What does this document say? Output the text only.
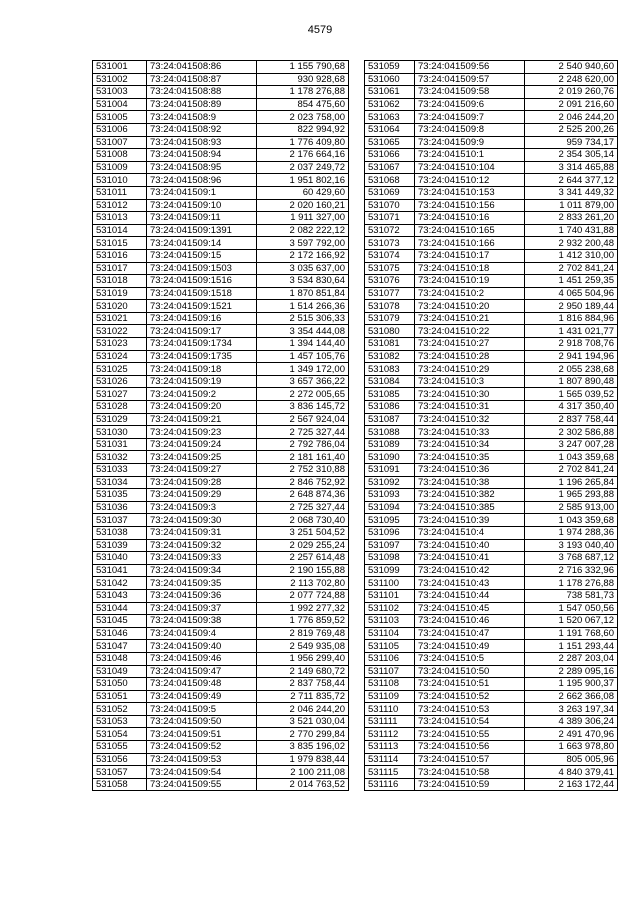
4579
531001	73:24:041508:86	1 155 790,68
531002	73:24:041508:87	930 928,68
531003	73:24:041508:88	1 178 276,88
531004	73:24:041508:89	854 475,60
531005	73:24:041508:9	2 023 758,00
531006	73:24:041508:92	822 994,92
531007	73:24:041508:93	1 776 409,80
531008	73:24:041508:94	2 176 664,16
531009	73:24:041508:95	2 037 249,72
531010	73:24:041508:96	1 951 802,16
531011	73:24:041509:1	60 429,60
531012	73:24:041509:10	2 020 160,21
531013	73:24:041509:11	1 911 327,00
531014	73:24:041509:1391	2 082 222,12
531015	73:24:041509:14	3 597 792,00
531016	73:24:041509:15	2 172 166,92
531017	73:24:041509:1503	3 035 637,00
531018	73:24:041509:1516	3 534 830,64
531019	73:24:041509:1518	1 870 851,84
531020	73:24:041509:1521	1 514 266,36
531021	73:24:041509:16	2 515 306,33
531022	73:24:041509:17	3 354 444,08
531023	73:24:041509:1734	1 394 144,40
531024	73:24:041509:1735	1 457 105,76
531025	73:24:041509:18	1 349 172,00
531026	73:24:041509:19	3 657 366,22
531027	73:24:041509:2	2 272 005,65
531028	73:24:041509:20	3 836 145,72
531029	73:24:041509:21	2 567 924,04
531030	73:24:041509:23	2 725 327,44
531031	73:24:041509:24	2 792 786,04
531032	73:24:041509:25	2 181 161,40
531033	73:24:041509:27	2 752 310,88
531034	73:24:041509:28	2 846 752,92
531035	73:24:041509:29	2 648 874,36
531036	73:24:041509:3	2 725 327,44
531037	73:24:041509:30	2 068 730,40
531038	73:24:041509:31	3 251 504,52
531039	73:24:041509:32	2 029 255,24
531040	73:24:041509:33	2 257 614,48
531041	73:24:041509:34	2 190 155,88
531042	73:24:041509:35	2 113 702,80
531043	73:24:041509:36	2 077 724,88
531044	73:24:041509:37	1 992 277,32
531045	73:24:041509:38	1 776 859,52
531046	73:24:041509:4	2 819 769,48
531047	73:24:041509:40	2 549 935,08
531048	73:24:041509:46	1 956 299,40
531049	73:24:041509:47	2 149 680,72
531050	73:24:041509:48	2 837 758,44
531051	73:24:041509:49	2 711 835,72
531052	73:24:041509:5	2 046 244,20
531053	73:24:041509:50	3 521 030,04
531054	73:24:041509:51	2 770 299,84
531055	73:24:041509:52	3 835 196,02
531056	73:24:041509:53	1 979 838,44
531057	73:24:041509:54	2 100 211,08
531058	73:24:041509:55	2 014 763,52
531059	73:24:041509:56	2 540 940,60
531060	73:24:041509:57	2 248 620,00
531061	73:24:041509:58	2 019 260,76
531062	73:24:041509:6	2 091 216,60
531063	73:24:041509:7	2 046 244,20
531064	73:24:041509:8	2 525 200,26
531065	73:24:041509:9	959 734,17
531066	73:24:041510:1	2 354 305,14
531067	73:24:041510:104	3 314 465,88
531068	73:24:041510:12	2 644 377,12
531069	73:24:041510:153	3 341 449,32
531070	73:24:041510:156	1 011 879,00
531071	73:24:041510:16	2 833 261,20
531072	73:24:041510:165	1 740 431,88
531073	73:24:041510:166	2 932 200,48
531074	73:24:041510:17	1 412 310,00
531075	73:24:041510:18	2 702 841,24
531076	73:24:041510:19	1 451 259,35
531077	73:24:041510:2	4 065 504,96
531078	73:24:041510:20	2 950 189,44
531079	73:24:041510:21	1 816 884,96
531080	73:24:041510:22	1 431 021,77
531081	73:24:041510:27	2 918 708,76
531082	73:24:041510:28	2 941 194,96
531083	73:24:041510:29	2 055 238,68
531084	73:24:041510:3	1 807 890,48
531085	73:24:041510:30	1 565 039,52
531086	73:24:041510:31	4 317 350,40
531087	73:24:041510:32	2 837 758,44
531088	73:24:041510:33	2 302 586,88
531089	73:24:041510:34	3 247 007,28
531090	73:24:041510:35	1 043 359,68
531091	73:24:041510:36	2 702 841,24
531092	73:24:041510:38	1 196 265,84
531093	73:24:041510:382	1 965 293,88
531094	73:24:041510:385	2 585 913,00
531095	73:24:041510:39	1 043 359,68
531096	73:24:041510:4	1 974 288,36
531097	73:24:041510:40	3 193 040,40
531098	73:24:041510:41	3 768 687,12
531099	73:24:041510:42	2 716 332,96
531100	73:24:041510:43	1 178 276,88
531101	73:24:041510:44	738 581,73
531102	73:24:041510:45	1 547 050,56
531103	73:24:041510:46	1 520 067,12
531104	73:24:041510:47	1 191 768,60
531105	73:24:041510:49	1 151 293,44
531106	73:24:041510:5	2 287 203,04
531107	73:24:041510:50	2 289 095,16
531108	73:24:041510:51	1 195 900,37
531109	73:24:041510:52	2 662 366,08
531110	73:24:041510:53	3 263 197,34
531111	73:24:041510:54	4 389 306,24
531112	73:24:041510:55	2 491 470,96
531113	73:24:041510:56	1 663 978,80
531114	73:24:041510:57	805 005,96
531115	73:24:041510:58	4 840 379,41
531116	73:24:041510:59	2 163 172,44
